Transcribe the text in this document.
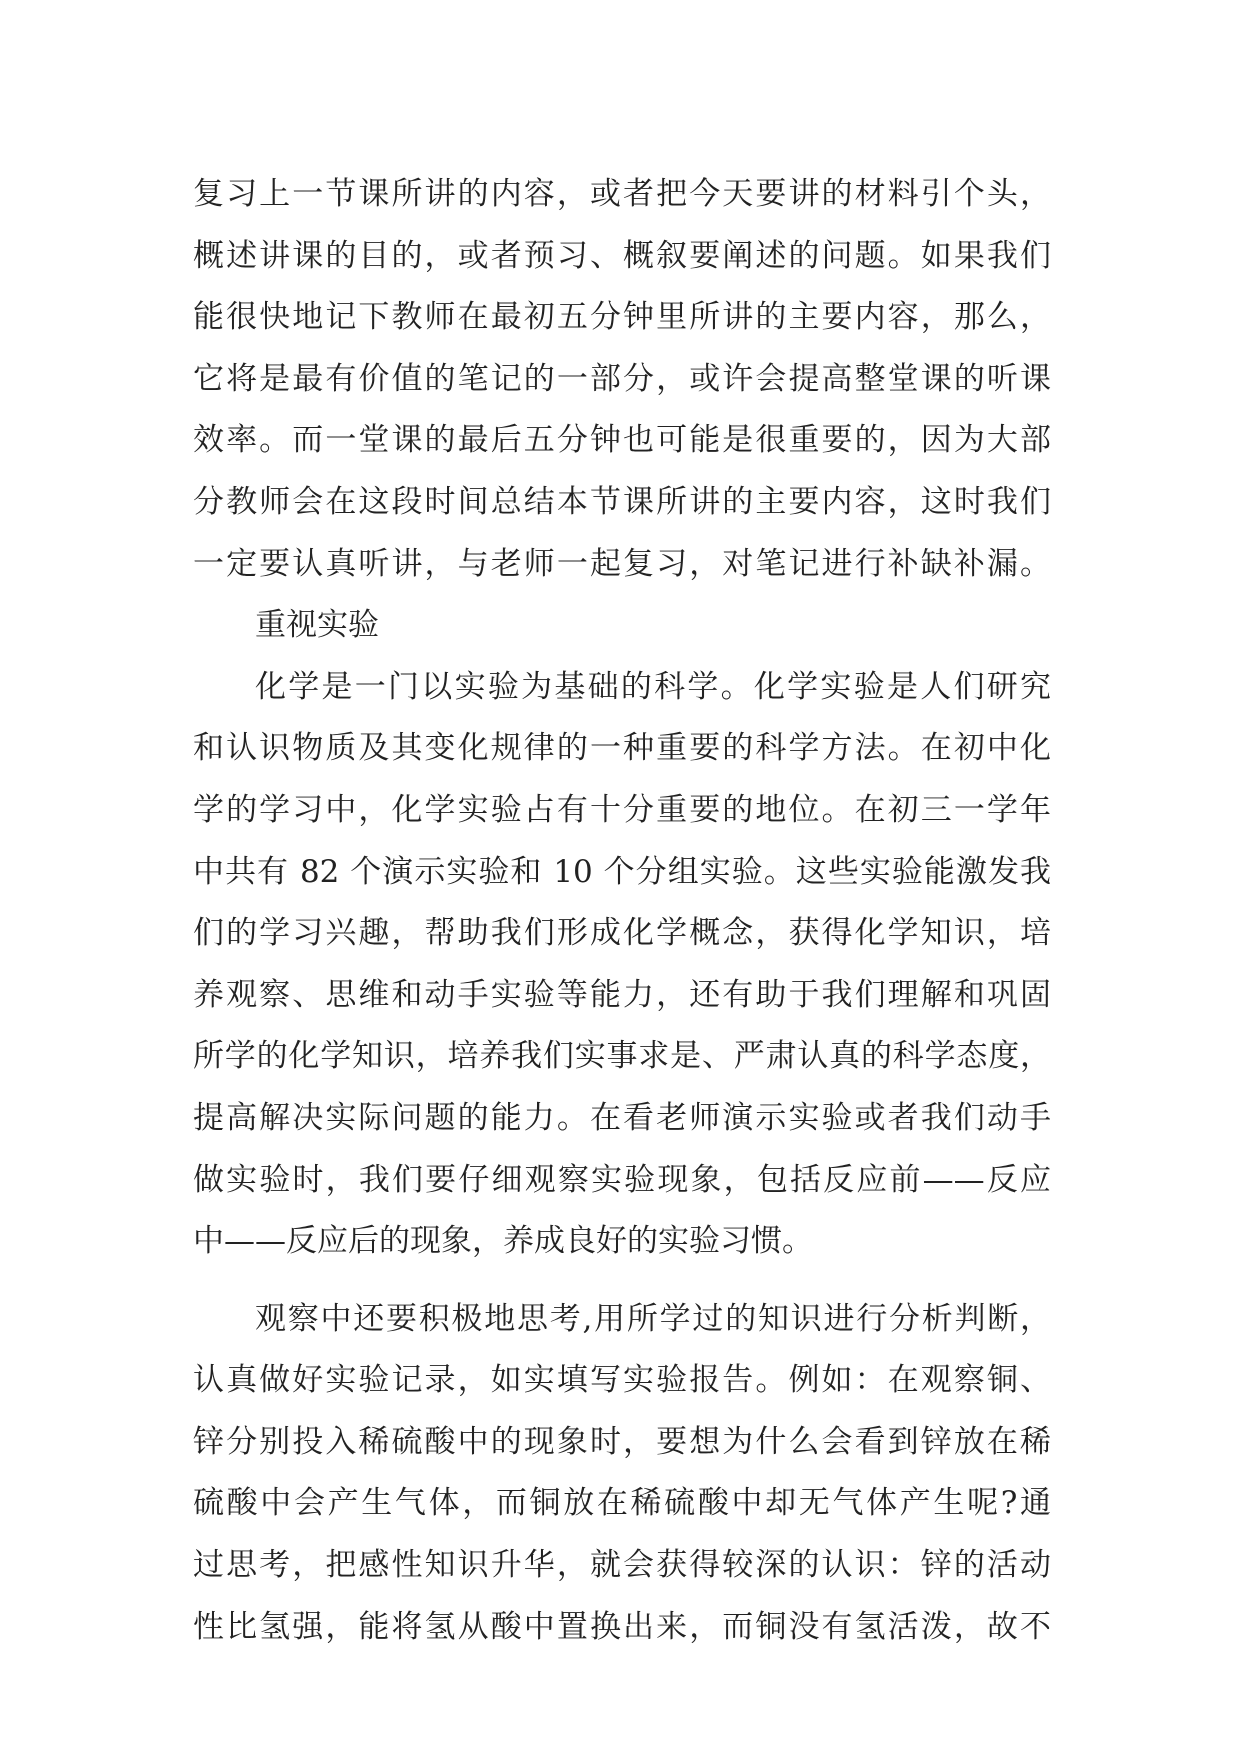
复习上一节课所讲的内容，或者把今天要讲的材料引个头，
概述讲课的目的，或者预习、概叙要阐述的问题。如果我们
能很快地记下教师在最初五分钟里所讲的主要内容，那么，
它将是最有价值的笔记的一部分，或许会提高整堂课的听课
效率。而一堂课的最后五分钟也可能是很重要的，因为大部
分教师会在这段时间总结本节课所讲的主要内容，这时我们
一定要认真听讲，与老师一起复习，对笔记进行补缺补漏。
重视实验
化学是一门以实验为基础的科学。化学实验是人们研究
和认识物质及其变化规律的一种重要的科学方法。在初中化
学的学习中，化学实验占有十分重要的地位。在初三一学年
中共有 82 个演示实验和 10 个分组实验。这些实验能激发我
们的学习兴趣，帮助我们形成化学概念，获得化学知识，培
养观察、思维和动手实验等能力，还有助于我们理解和巩固
所学的化学知识，培养我们实事求是、严肃认真的科学态度，
提高解决实际问题的能力。在看老师演示实验或者我们动手
做实验时，我们要仔细观察实验现象，包括反应前——反应
中——反应后的现象，养成良好的实验习惯。
观察中还要积极地思考,用所学过的知识进行分析判断，
认真做好实验记录，如实填写实验报告。例如：在观察铜、
锌分别投入稀硫酸中的现象时，要想为什么会看到锌放在稀
硫酸中会产生气体，而铜放在稀硫酸中却无气体产生呢?通
过思考，把感性知识升华，就会获得较深的认识：锌的活动
性比氢强，能将氢从酸中置换出来，而铜没有氢活泼，故不
